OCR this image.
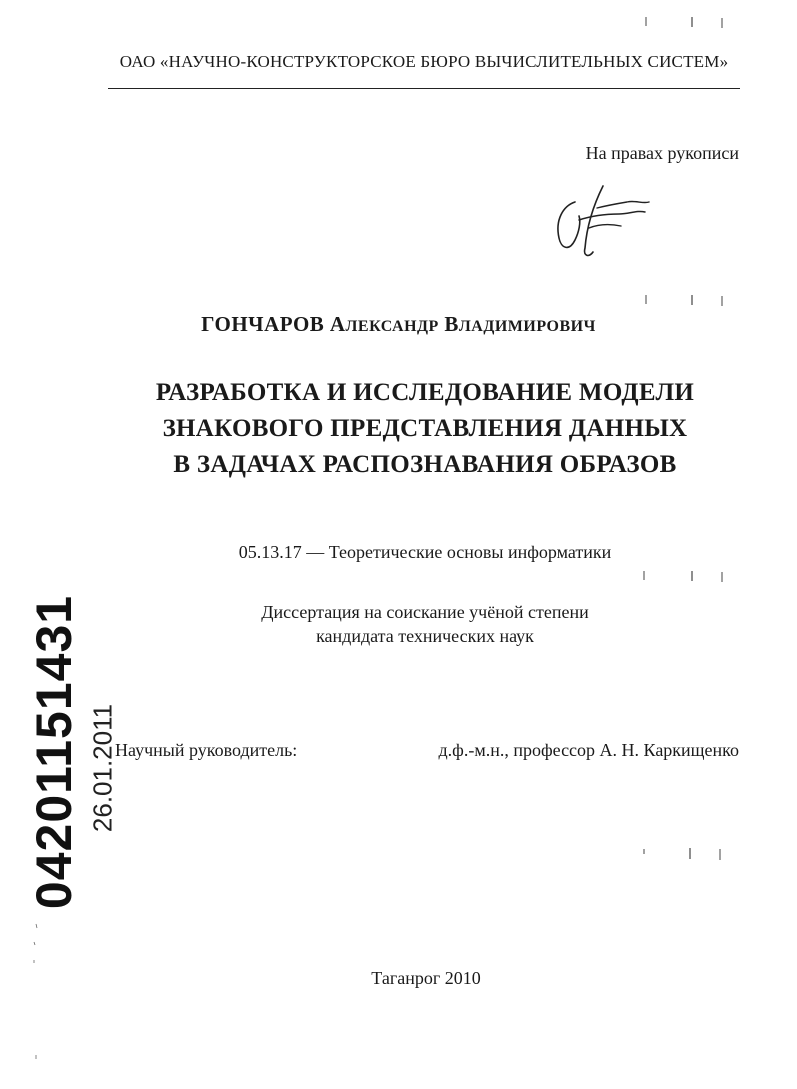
ОАО «НАУЧНО-КОНСТРУКТОРСКОЕ БЮРО ВЫЧИСЛИТЕЛЬНЫХ СИСТЕМ»
На правах рукописи
ГОНЧАРОВ АЛЕКСАНДР ВЛАДИМИРОВИЧ
РАЗРАБОТКА И ИССЛЕДОВАНИЕ МОДЕЛИ
ЗНАКОВОГО ПРЕДСТАВЛЕНИЯ ДАННЫХ
В ЗАДАЧАХ РАСПОЗНАВАНИЯ ОБРАЗОВ
05.13.17 — Теоретические основы информатики
Диссертация на соискание учёной степени
кандидата технических наук
Научный руководитель:	д.ф.-м.н., профессор А. Н. Каркищенко
Таганрог 2010
04201151431 26.01.2011
